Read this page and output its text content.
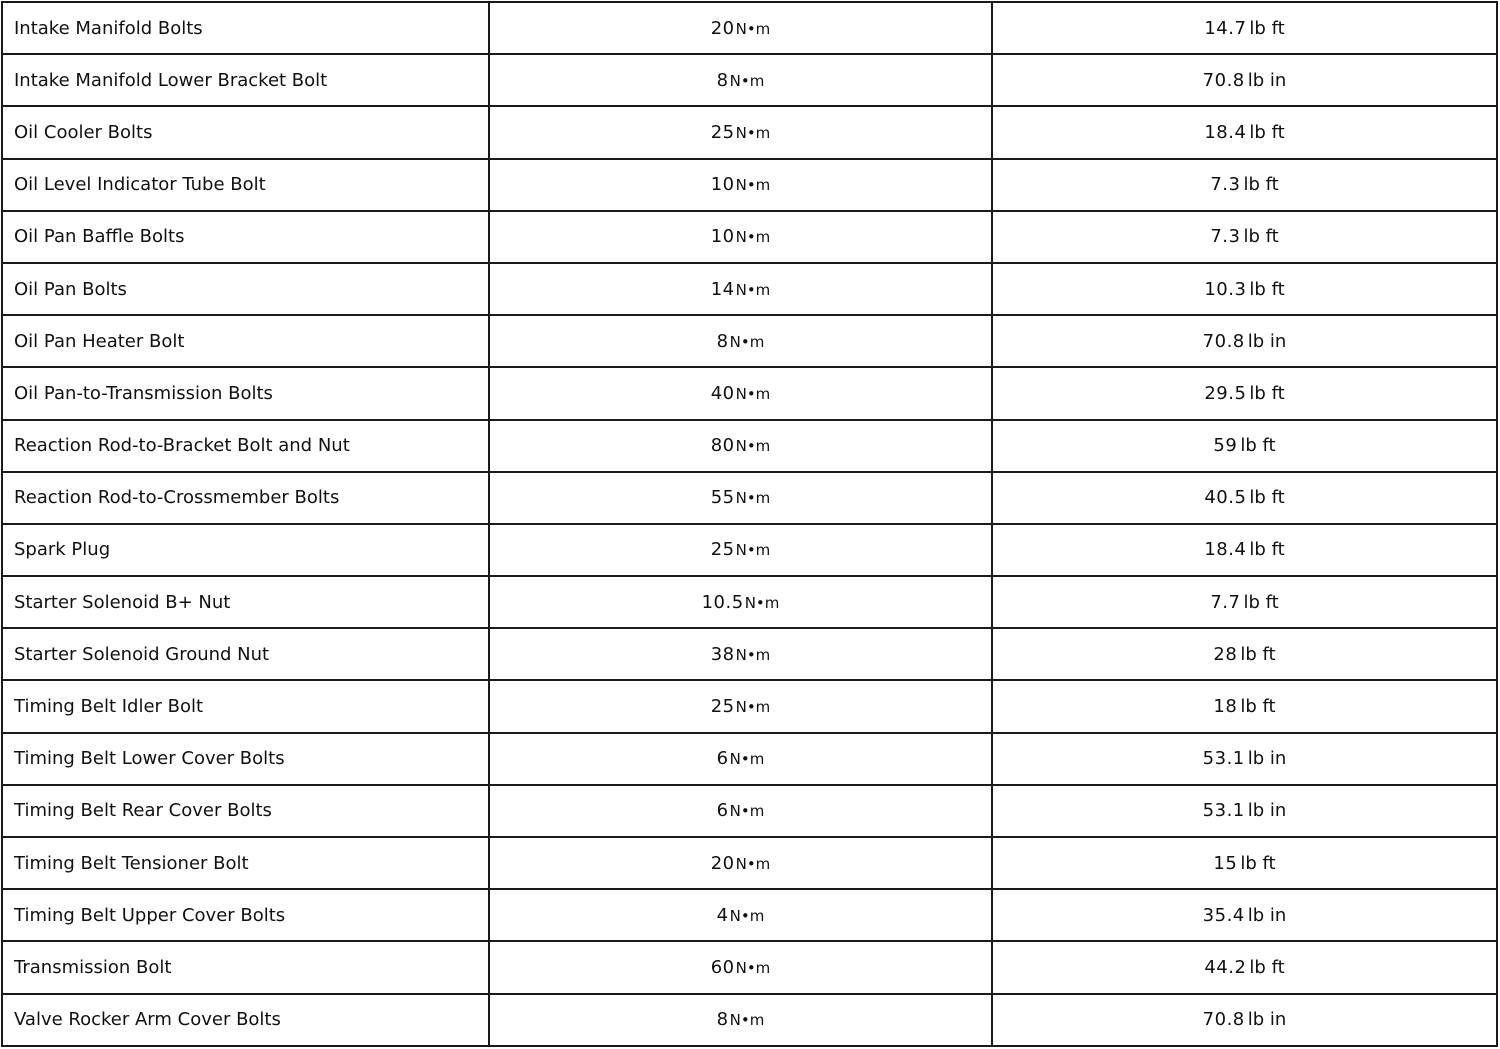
Intake Manifold Bolts	20N•m	14.7 lb ft
Intake Manifold Lower Bracket Bolt	8N•m	70.8 lb in
Oil Cooler Bolts	25N•m	18.4 lb ft
Oil Level Indicator Tube Bolt	10N•m	7.3 lb ft
Oil Pan Baffle Bolts	10N•m	7.3 lb ft
Oil Pan Bolts	14N•m	10.3 lb ft
Oil Pan Heater Bolt	8N•m	70.8 lb in
Oil Pan-to-Transmission Bolts	40N•m	29.5 lb ft
Reaction Rod-to-Bracket Bolt and Nut	80N•m	59 lb ft
Reaction Rod-to-Crossmember Bolts	55N•m	40.5 lb ft
Spark Plug	25N•m	18.4 lb ft
Starter Solenoid B+ Nut	10.5N•m	7.7 lb ft
Starter Solenoid Ground Nut	38N•m	28 lb ft
Timing Belt Idler Bolt	25N•m	18 lb ft
Timing Belt Lower Cover Bolts	6N•m	53.1 lb in
Timing Belt Rear Cover Bolts	6N•m	53.1 lb in
Timing Belt Tensioner Bolt	20N•m	15 lb ft
Timing Belt Upper Cover Bolts	4N•m	35.4 lb in
Transmission Bolt	60N•m	44.2 lb ft
Valve Rocker Arm Cover Bolts	8N•m	70.8 lb in
